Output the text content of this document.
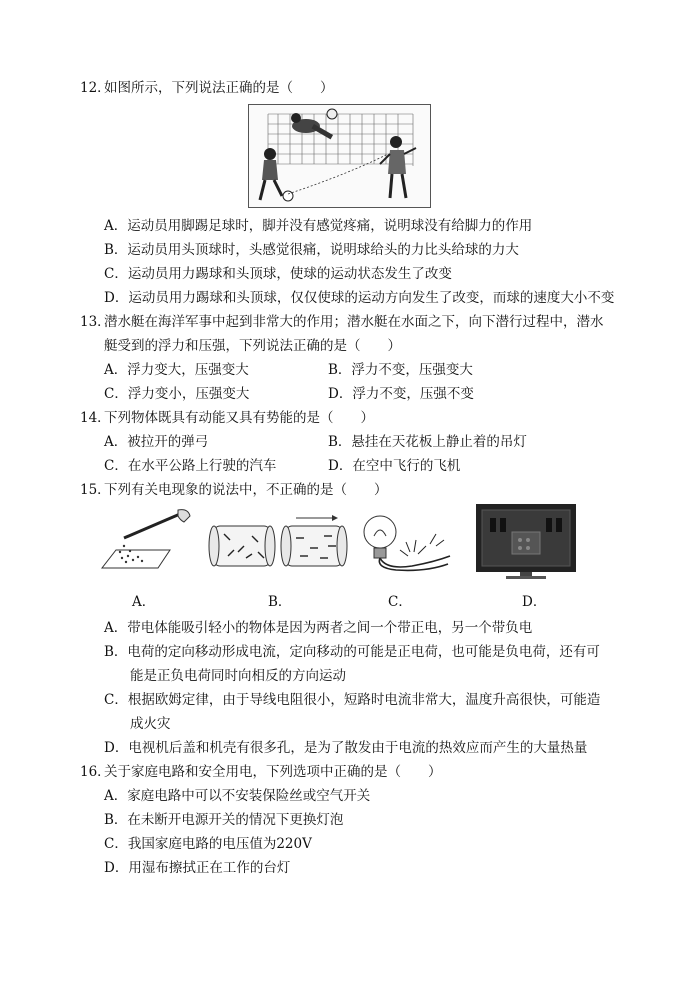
12．
如图所示，下列说法正确的是（　　）
A．运动员用脚踢足球时，脚并没有感觉疼痛，说明球没有给脚力的作用
B．运动员用头顶球时，头感觉很痛，说明球给头的力比头给球的力大
C．运动员用力踢球和头顶球，使球的运动状态发生了改变
D．运动员用力踢球和头顶球，仅仅使球的运动方向发生了改变，而球的速度大小不变
13．
潜水艇在海洋军事中起到非常大的作用；潜水艇在水面之下，向下潜行过程中，潜水
艇受到的浮力和压强，下列说法正确的是（　　）
A．浮力变大，压强变大	B．浮力不变，压强变大
C．浮力变小，压强变大	D．浮力不变，压强不变
14．
下列物体既具有动能又具有势能的是（　　）
A．被拉开的弹弓	B．悬挂在天花板上静止着的吊灯
C．在水平公路上行驶的汽车	D．在空中飞行的飞机
15．
下列有关电现象的说法中，不正确的是（　　）
A．	B．	C．	D．
A．带电体能吸引轻小的物体是因为两者之间一个带正电，另一个带负电
B．电荷的定向移动形成电流，定向移动的可能是正电荷，也可能是负电荷，还有可
能是正负电荷同时向相反的方向运动
C．根据欧姆定律，由于导线电阻很小，短路时电流非常大，温度升高很快，可能造
成火灾
D．电视机后盖和机壳有很多孔，是为了散发由于电流的热效应而产生的大量热量
16．
关于家庭电路和安全用电，下列选项中正确的是（　　）
A．家庭电路中可以不安装保险丝或空气开关
B．在未断开电源开关的情况下更换灯泡
C．我国家庭电路的电压值为220V
D．用湿布擦拭正在工作的台灯
